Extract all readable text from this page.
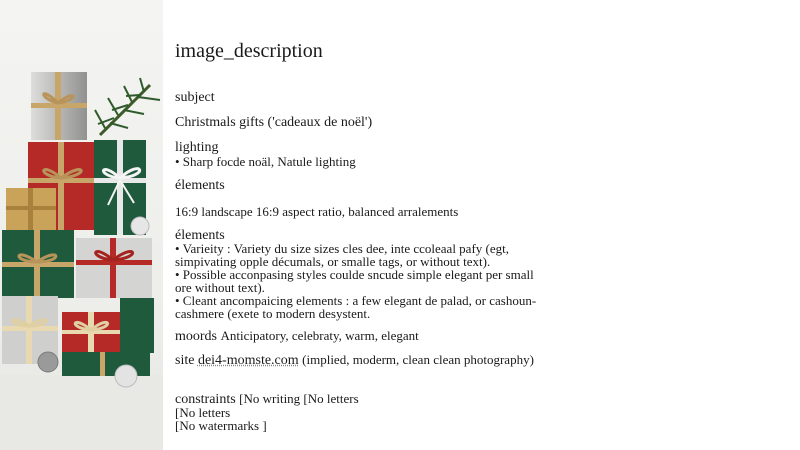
image_description
subject
Christmals gifts ('cadeaux de noël')
lighting
• Sharp focde noäl, Natule lighting
élements
16:9 landscape 16:9 aspect ratio, balanced arralements
élements
• Varieity : Variety du size sizes cles dee, inte ccoleaal pafy (egt,
simpivating opple décumals, or smalle tags, or without text).
• Possible acconpasing styles coulde sncude simple elegant per small
ore without text).
• Cleant ancompaicing elements : a few elegant de palad, or cashoun-
cashmere (exete to modern desystent.
moords Anticipatory, celebraty, warm, elegant
site dei4-momste.com (implied, moderm, clean clean photography)
constraints [No writing [No letters
[No letters
[No watermarks ]
